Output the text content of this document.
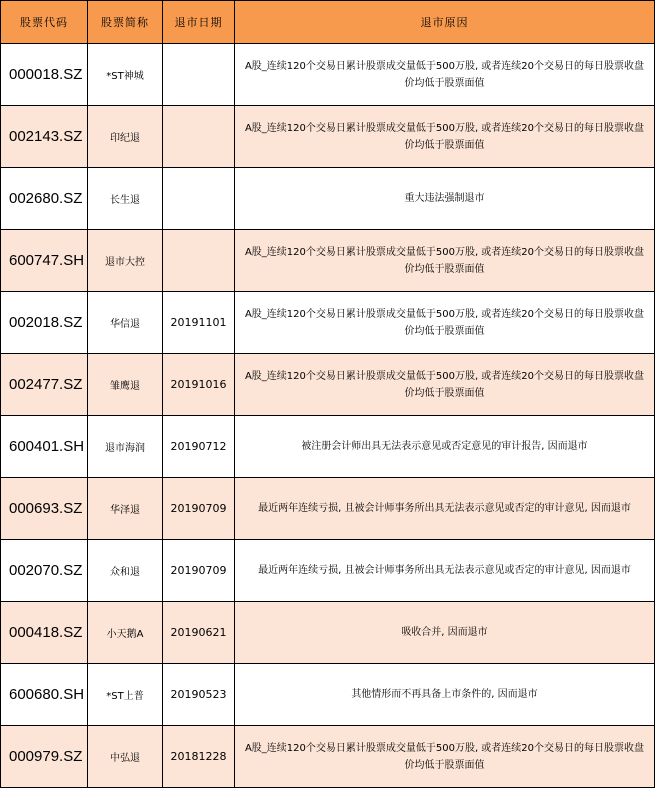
股票代码	股票简称	退市日期	退市原因
000018.SZ	*ST神城		A股_连续120个交易日累计股票成交量低于500万股, 或者连续20个交易日的每日股票收盘价均低于股票面值
002143.SZ	印纪退		A股_连续120个交易日累计股票成交量低于500万股, 或者连续20个交易日的每日股票收盘价均低于股票面值
002680.SZ	长生退		重大违法强制退市
600747.SH	退市大控		A股_连续120个交易日累计股票成交量低于500万股, 或者连续20个交易日的每日股票收盘价均低于股票面值
002018.SZ	华信退	20191101	A股_连续120个交易日累计股票成交量低于500万股, 或者连续20个交易日的每日股票收盘价均低于股票面值
002477.SZ	雏鹰退	20191016	A股_连续120个交易日累计股票成交量低于500万股, 或者连续20个交易日的每日股票收盘价均低于股票面值
600401.SH	退市海润	20190712	被注册会计师出具无法表示意见或否定意见的审计报告, 因而退市
000693.SZ	华泽退	20190709	最近两年连续亏损, 且被会计师事务所出具无法表示意见或否定的审计意见, 因而退市
002070.SZ	众和退	20190709	最近两年连续亏损, 且被会计师事务所出具无法表示意见或否定的审计意见, 因而退市
000418.SZ	小天鹅A	20190621	吸收合并, 因而退市
600680.SH	*ST上普	20190523	其他情形而不再具备上市条件的, 因而退市
000979.SZ	中弘退	20181228	A股_连续120个交易日累计股票成交量低于500万股, 或者连续20个交易日的每日股票收盘价均低于股票面值
